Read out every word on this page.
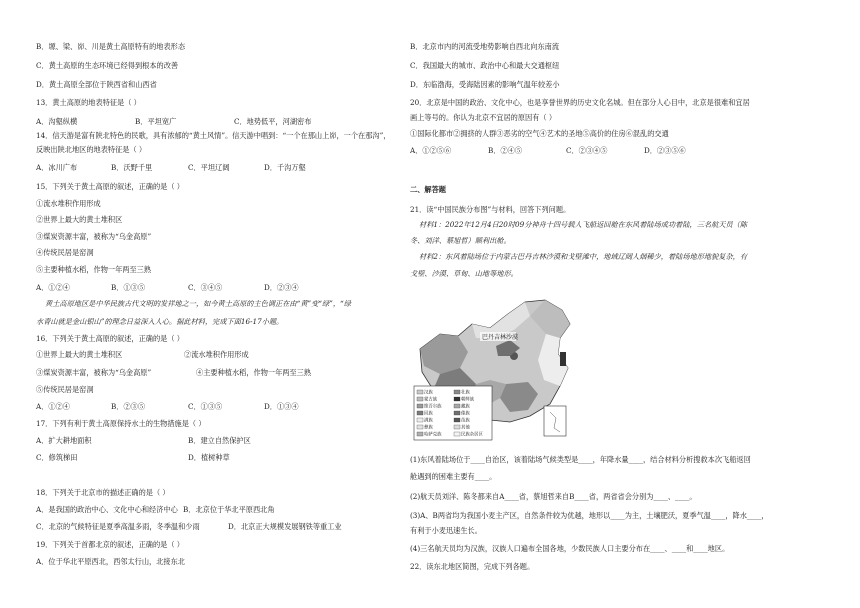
B．塬、梁、峁、川是黄土高原特有的地表形态
C．黄土高原的生态环境已经得到根本的改善
D．黄土高原全部位于陕西省和山西省
13．黄土高原的地表特征是（ ）
A．沟壑纵横	B．平坦宽广	C．地势低平，河湖密布
14．信天游是富有陕北特色的民歌，具有浓郁的“黄土风情”。信天游中唱到：“一个在那山上峁，一个在那沟”，
反映出陕北地区的地表特征是（ ）
A．冰川广布	B．沃野千里	C．平坦辽阔	D．千沟万壑
15．下列关于黄土高原的叙述，正确的是（ ）
①流水堆积作用形成
②世界上最大的黄土堆积区
③煤炭资源丰富，被称为“乌金高原”
④传统民居是窑洞
⑤主要种植水稻，作物一年两至三熟
A．①②④	B．①③⑤	C．③④⑤	D．②③④
黄土高原地区是中华民族古代文明的发祥地之一，如今黄土高原的主色调正在由“黄”变“绿”，“绿
水青山就是金山银山”的理念日益深入人心。据此材料，完成下面16-17小题。
16．下列关于黄土高原的叙述，正确的是（ ）
①世界上最大的黄土堆积区	②流水堆积作用形成
③煤炭资源丰富，被称为“乌金高原”	④主要种植水稻，作物一年两至三熟
⑤传统民居是窑洞
A．①②④	B．②③⑤	C．①③⑤	D．①③④
17．下列有利于黄土高原保持水土的生物措施是（ ）
A．扩大耕地面积	B．建立自然保护区
C．修筑梯田	D．植树种草
18．下列关于北京市的描述正确的是（ ）
A．是我国的政治中心、文化中心和经济中心 B．北京位于华北平原西北角
C．北京的气候特征是夏季高温多雨，冬季温和少雨	D．北京正大规模发展钢铁等重工业
19．下列关于首都北京的叙述，正确的是（ ）
A．位于华北平原西北，西邻太行山，北接东北
B．北京市内的河流受地势影响自西北向东南流
C．我国最大的城市、政治中心和最大交通枢纽
D．东临渤海，受海陆因素的影响气温年较差小
20．北京是中国的政治、文化中心，也是享誉世界的历史文化名城。但在部分人心目中，北京是很难和宜居
画上等号的。你认为北京不宜居的原因有（ ）
①国际化都市②拥挤的人群③恶劣的空气④艺术的圣地⑤高价的住房⑥混乱的交通
A．①②⑤⑥	B．②④⑤	C．②③④⑤	D．②③⑤⑥
二、解答题
21．读“中国民族分布图”与材料，回答下列问题。
材料1：2022年12月4日20时09分神舟十四号载人飞船返回舱在东风着陆场成功着陆，三名航天员（陈
冬、刘洋、蔡旭哲）顺利出舱。
材料2：东风着陆场位于内蒙古巴丹吉林沙漠和戈壁滩中，地域辽阔人烟稀少，着陆场地形地貌复杂，有
戈壁、沙漠、草甸、山地等地形。
巴丹吉林沙漠
汉族	壮族
蒙古族	朝鲜族
维吾尔族	藏族
回族	傣族
满族	苗族
彝族	其他
哈萨克族	民族杂居区
(1)东风着陆场位于____自治区，该着陆场气候类型是____，年降水量____，结合材料分析搜救本次飞船返回
舱遇到的困难主要有____。
(2)航天员刘洋、陈冬都来自A____省，蔡旭哲来自B____省，两省省会分别为____、____。
(3)A、B两省均为我国小麦主产区，自然条件较为优越，地形以____为主，土壤肥沃，夏季气温____，降水____，
有利于小麦迅速生长。
(4)三名航天员均为汉族，汉族人口遍布全国各地，少数民族人口主要分布在____、____和____地区。
22．读东北地区简图，完成下列各题。
